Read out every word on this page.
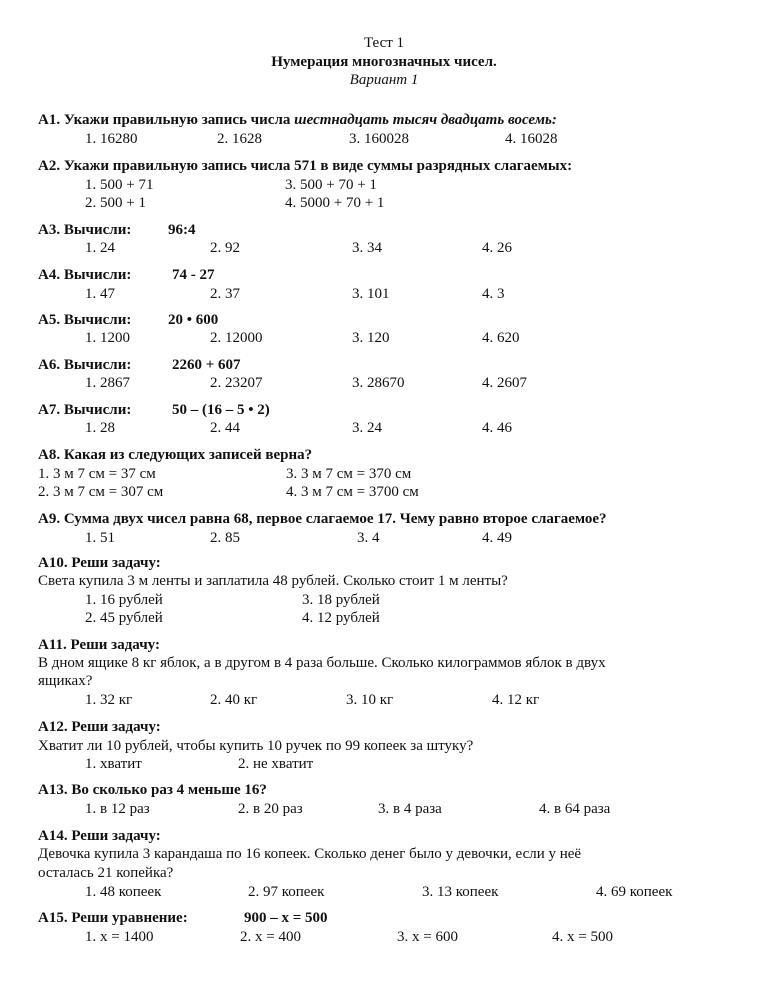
Тест 1
Нумерация многозначных чисел.
Вариант 1
А1. Укажи правильную запись числа шестнадцать тысяч двадцать восемь:
1. 16280	2. 1628	3. 160028	4. 16028
А2. Укажи правильную запись числа 571 в виде суммы разрядных слагаемых:
1. 500 + 71	3. 500 + 70 + 1
2. 500 + 1	4. 5000 + 70 + 1
А3. Вычисли: 96:4
1. 24	2. 92	3. 34	4. 26
А4. Вычисли:	74 - 27
1. 47	2. 37	3. 101	4. 3
А5. Вычисли: 20 • 600
1. 1200	2. 12000	3. 120	4. 620
А6. Вычисли:	2260 + 607
1. 2867	2. 23207	3. 28670	4. 2607
А7. Вычисли:	50 – (16 – 5 • 2)
1. 28	2. 44	3. 24	4. 46
А8. Какая из следующих записей верна?
1. 3 м 7 см = 37 см	3. 3 м 7 см = 370 см
2. 3 м 7 см = 307 см	4. 3 м 7 см = 3700 см
А9. Сумма двух чисел равна 68, первое слагаемое 17. Чему равно второе слагаемое?
1. 51	2. 85	3. 4	4. 49
А10. Реши задачу:
Света купила 3 м ленты и заплатила 48 рублей. Сколько стоит 1 м ленты?
1. 16 рублей	3. 18 рублей
2. 45 рублей	4. 12 рублей
А11. Реши задачу:
В дном ящике 8 кг яблок, а в другом в 4 раза больше. Сколько килограммов яблок в двух
ящиках?
1. 32 кг	2. 40 кг	3. 10 кг	4. 12 кг
А12. Реши задачу:
Хватит ли 10 рублей, чтобы купить 10 ручек по 99 копеек за штуку?
1. хватит	2. не хватит
А13. Во сколько раз 4 меньше 16?
1. в 12 раз	2. в 20 раз	3. в 4 раза	4. в 64 раза
А14. Реши задачу:
Девочка купила 3 карандаша по 16 копеек. Сколько денег было у девочки, если у неё
осталась 21 копейка?
1. 48 копеек	2. 97 копеек	3. 13 копеек	4. 69 копеек
А15. Реши уравнение:	900 – х = 500
1. х = 1400	2. х = 400	3. х = 600	4. х = 500
